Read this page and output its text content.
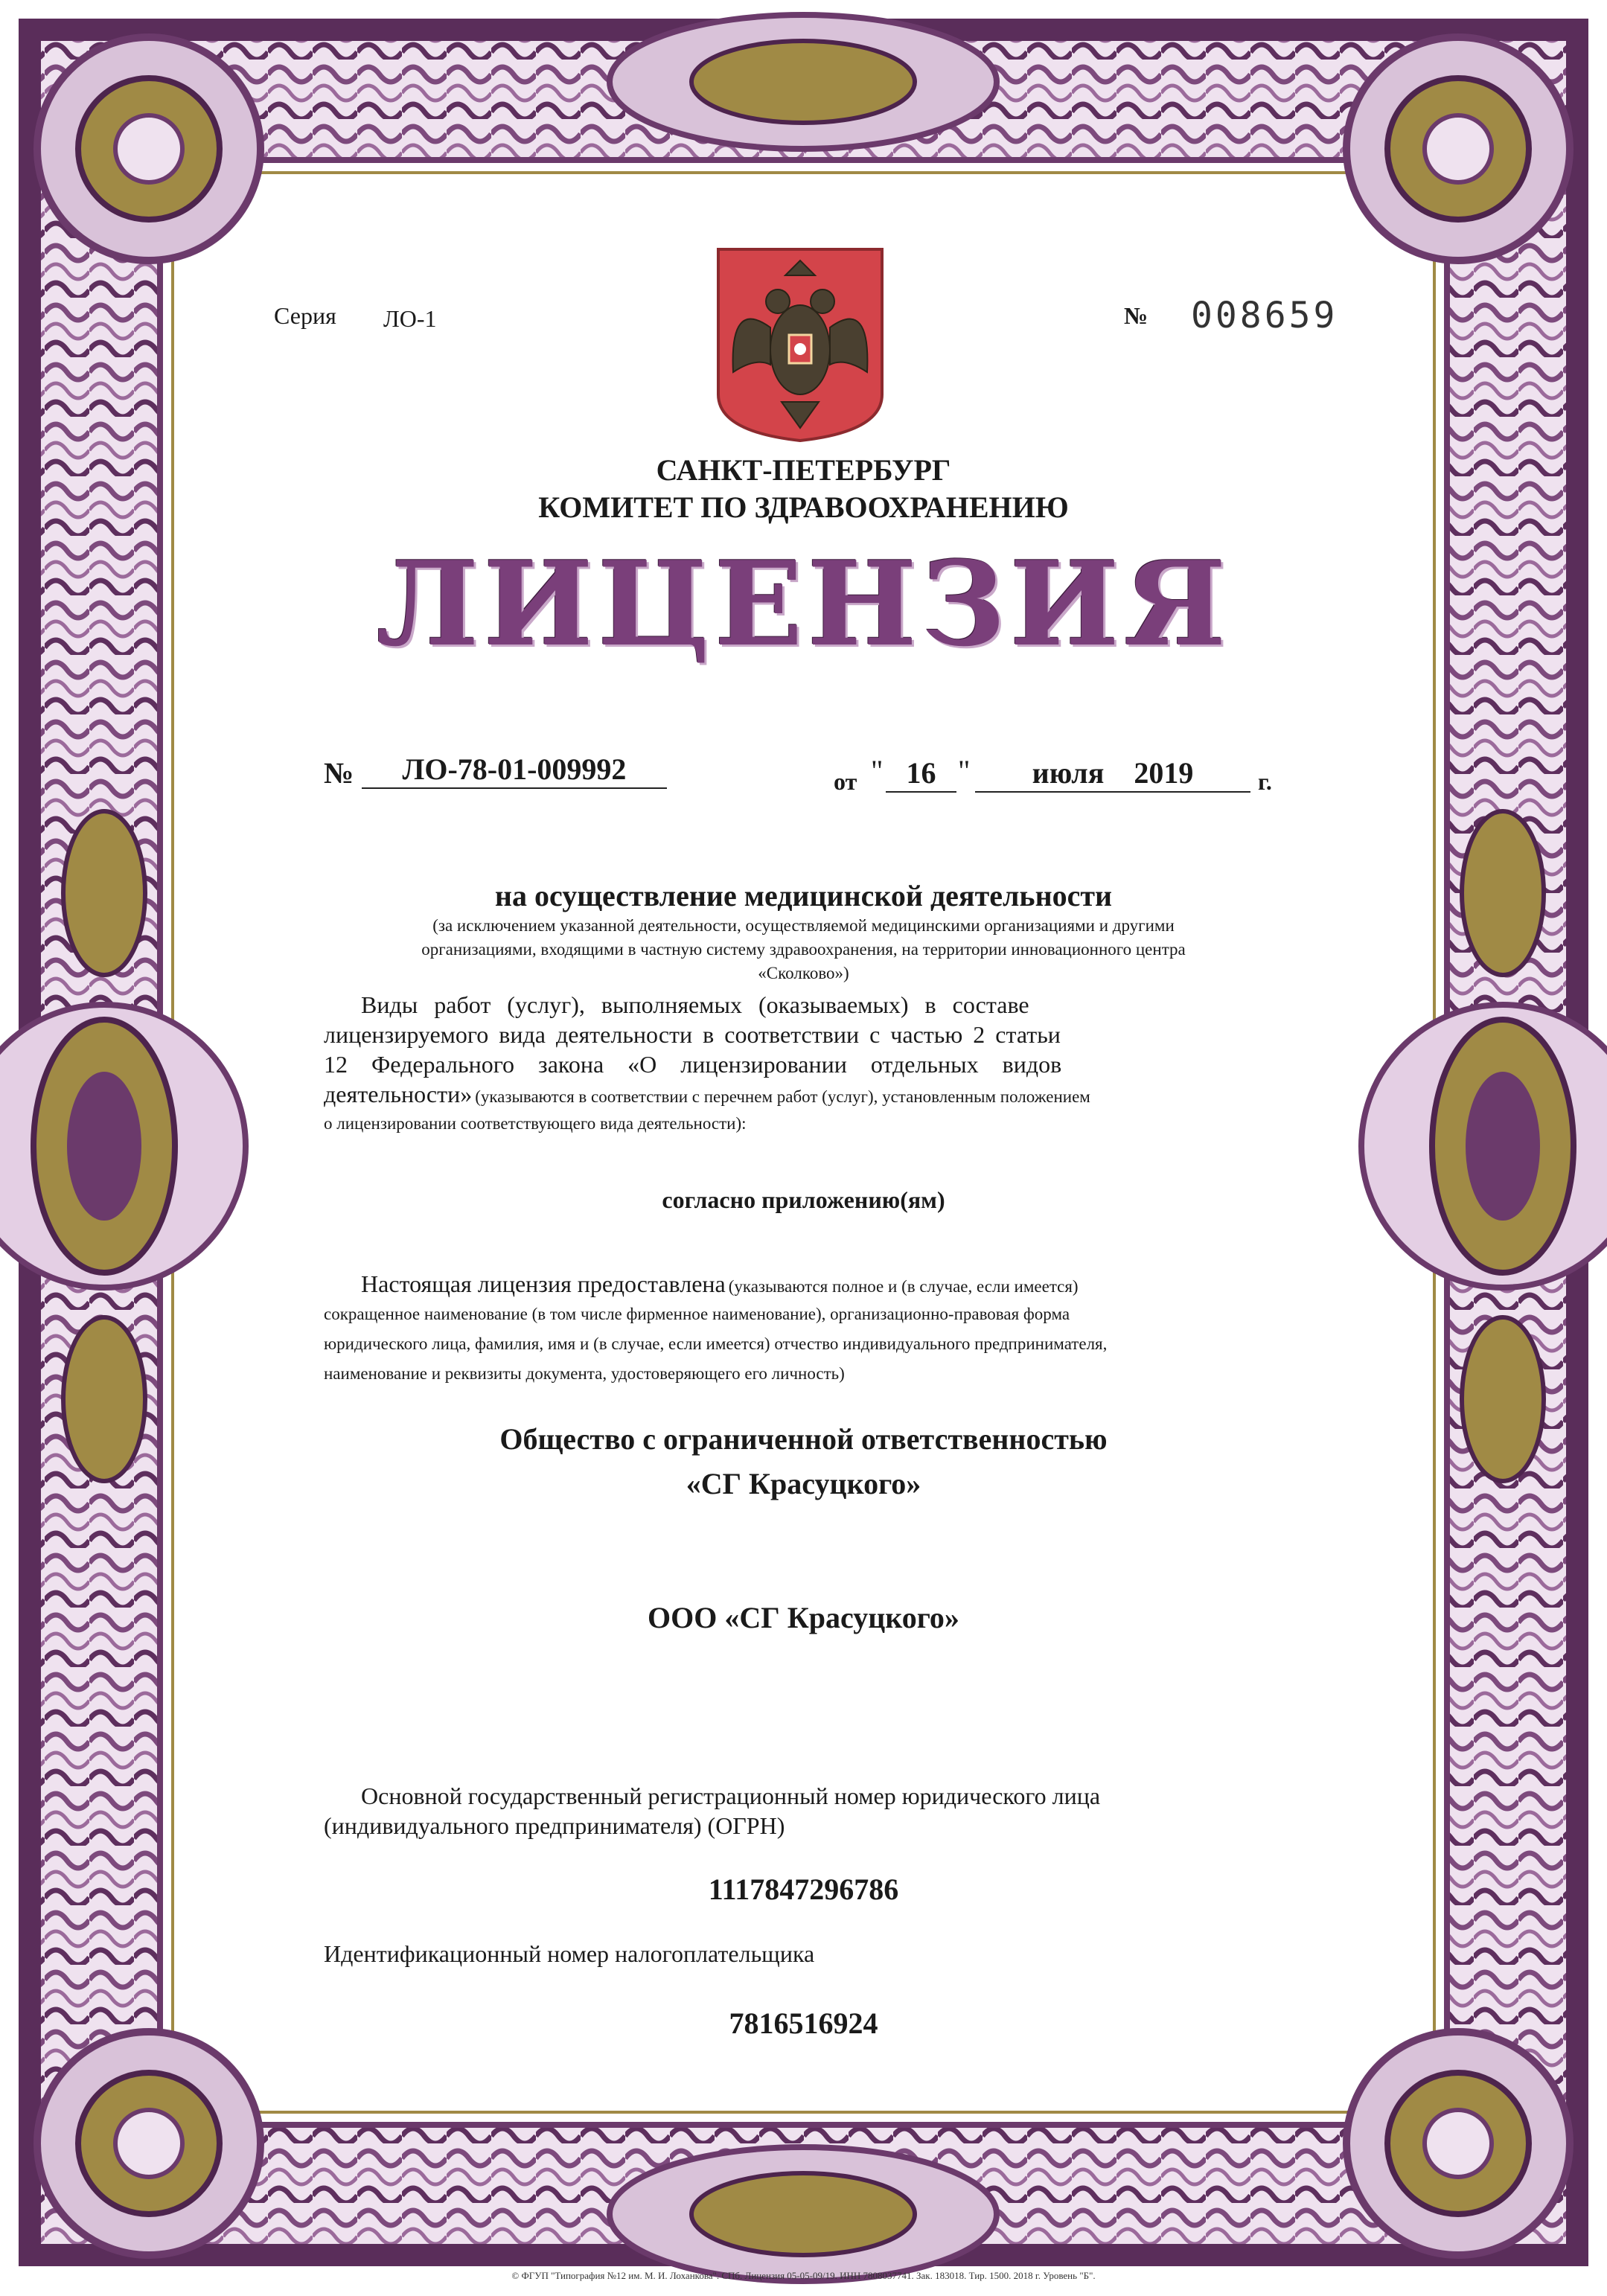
Серия ЛО-1	№ 008659
САНКТ-ПЕТЕРБУРГ
КОМИТЕТ ПО ЗДРАВООХРАНЕНИЮ
ЛИЦЕНЗИЯ
№	ЛО-78-01-009992	от " 16 "	июля 2019	г.
на осуществление медицинской деятельности
(за исключением указанной деятельности, осуществляемой медицинскими организациями и другими
организациями, входящими в частную систему здравоохранения, на территории инновационного центра
«Сколково»)
Виды работ (услуг), выполняемых (оказываемых) в составе
лицензируемого вида деятельности в соответствии с частью 2 статьи
12 Федерального закона «О лицензировании отдельных видов
деятельности» (указываются в соответствии с перечнем работ (услуг), установленным положением
о лицензировании соответствующего вида деятельности):
согласно приложению(ям)
Настоящая лицензия предоставлена (указываются полное и (в случае, если имеется)
сокращенное наименование (в том числе фирменное наименование), организационно-правовая форма
юридического лица, фамилия, имя и (в случае, если имеется) отчество индивидуального предпринимателя,
наименование и реквизиты документа, удостоверяющего его личность)
Общество с ограниченной ответственностью
«СГ Красуцкого»
ООО «СГ Красуцкого»
Основной государственный регистрационный номер юридического лица
(индивидуального предпринимателя) (ОГРН)
1117847296786
Идентификационный номер налогоплательщика
7816516924
© ФГУП "Типография №12 им. М. И. Лоханкова". СПб. Лицензия 05-05-09/19. ИНН 7808037741. Зак. 183018. Тир. 1500. 2018 г. Уровень "Б".
